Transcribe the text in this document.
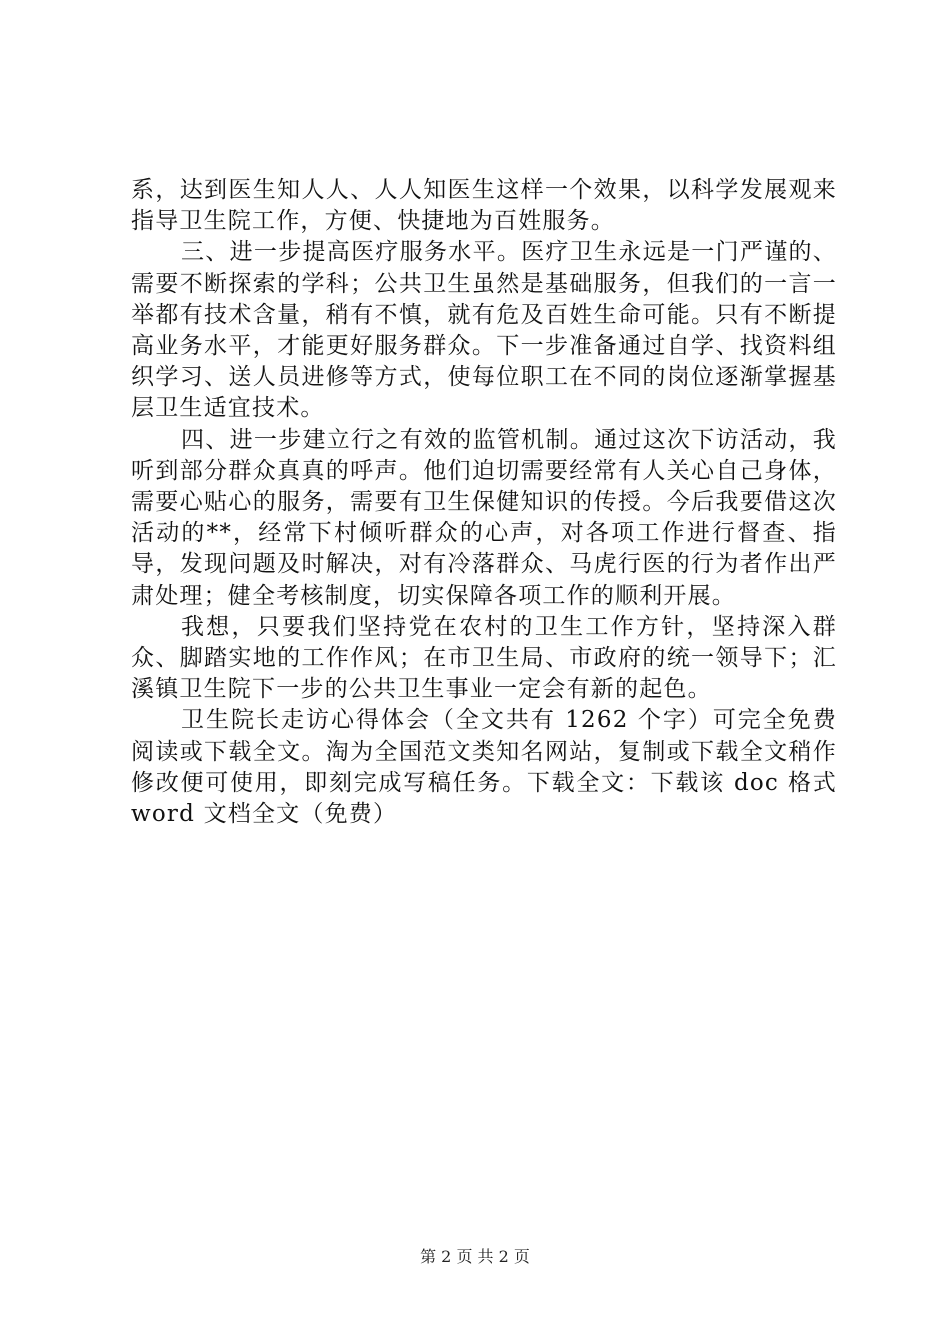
系，达到医生知人人、人人知医生这样一个效果，以科学发展观来指导卫生院工作，方便、快捷地为百姓服务。

三、进一步提高医疗服务水平。医疗卫生永远是一门严谨的、需要不断探索的学科；公共卫生虽然是基础服务，但我们的一言一举都有技术含量，稍有不慎，就有危及百姓生命可能。只有不断提高业务水平，才能更好服务群众。下一步准备通过自学、找资料组织学习、送人员进修等方式，使每位职工在不同的岗位逐渐掌握基层卫生适宜技术。

四、进一步建立行之有效的监管机制。通过这次下访活动，我听到部分群众真真的呼声。他们迫切需要经常有人关心自己身体，需要心贴心的服务，需要有卫生保健知识的传授。今后我要借这次活动的**，经常下村倾听群众的心声，对各项工作进行督查、指导，发现问题及时解决，对有冷落群众、马虎行医的行为者作出严肃处理；健全考核制度，切实保障各项工作的顺利开展。

我想，只要我们坚持党在农村的卫生工作方针，坚持深入群众、脚踏实地的工作作风；在市卫生局、市政府的统一领导下；汇溪镇卫生院下一步的公共卫生事业一定会有新的起色。

卫生院长走访心得体会（全文共有 1262 个字）可完全免费阅读或下载全文。淘为全国范文类知名网站，复制或下载全文稍作修改便可使用，即刻完成写稿任务。下载全文：下载该 doc 格式 word 文档全文（免费）

第 2 页 共 2 页
